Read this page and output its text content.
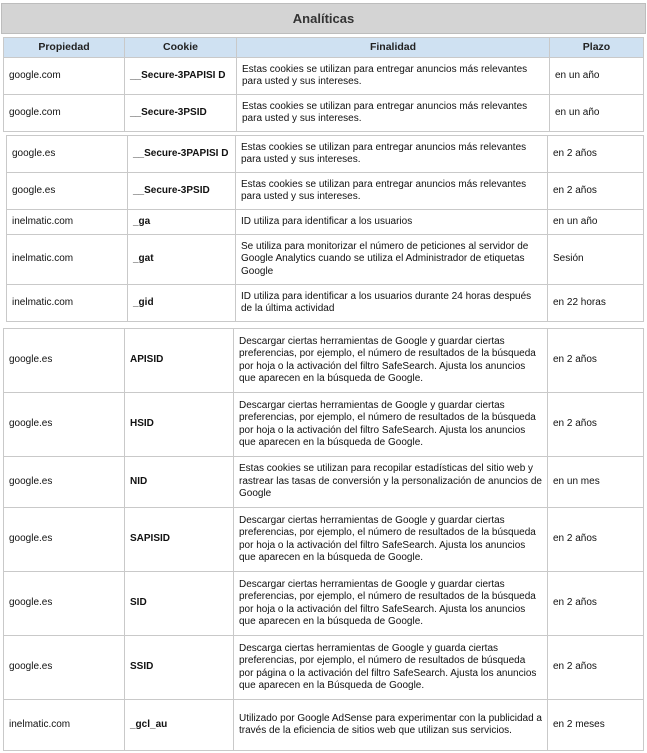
Analíticas
Propiedad	Cookie	Finalidad	Plazo
google.com	__Secure-3PAPISI D	Estas cookies se utilizan para entregar anuncios más relevantes para usted y sus intereses.	en un año
google.com	__Secure-3PSID	Estas cookies se utilizan para entregar anuncios más relevantes para usted y sus intereses.	en un año
google.es	__Secure-3PAPISI D	Estas cookies se utilizan para entregar anuncios más relevantes para usted y sus intereses.	en 2 años
google.es	__Secure-3PSID	Estas cookies se utilizan para entregar anuncios más relevantes para usted y sus intereses.	en 2 años
inelmatic.com	_ga	ID utiliza para identificar a los usuarios	en un año
inelmatic.com	_gat	Se utiliza para monitorizar el número de peticiones al servidor de Google Analytics cuando se utiliza el Administrador de etiquetas Google	Sesión
inelmatic.com	_gid	ID utiliza para identificar a los usuarios durante 24 horas después de la última actividad	en 22 horas
google.es	APISID	Descargar ciertas herramientas de Google y guardar ciertas preferencias, por ejemplo, el número de resultados de la búsqueda por hoja o la activación del filtro SafeSearch. Ajusta los anuncios que aparecen en la búsqueda de Google.	en 2 años
google.es	HSID	Descargar ciertas herramientas de Google y guardar ciertas preferencias, por ejemplo, el número de resultados de la búsqueda por hoja o la activación del filtro SafeSearch. Ajusta los anuncios que aparecen en la búsqueda de Google.	en 2 años
google.es	NID	Estas cookies se utilizan para recopilar estadísticas del sitio web y rastrear las tasas de conversión y la personalización de anuncios de Google	en un mes
google.es	SAPISID	Descargar ciertas herramientas de Google y guardar ciertas preferencias, por ejemplo, el número de resultados de la búsqueda por hoja o la activación del filtro SafeSearch. Ajusta los anuncios que aparecen en la búsqueda de Google.	en 2 años
google.es	SID	Descargar ciertas herramientas de Google y guardar ciertas preferencias, por ejemplo, el número de resultados de la búsqueda por hoja o la activación del filtro SafeSearch. Ajusta los anuncios que aparecen en la búsqueda de Google.	en 2 años
google.es	SSID	Descarga ciertas herramientas de Google y guarda ciertas preferencias, por ejemplo, el número de resultados de búsqueda por página o la activación del filtro SafeSearch. Ajusta los anuncios que aparecen en la Búsqueda de Google.	en 2 años
inelmatic.com	_gcl_au	Utilizado por Google AdSense para experimentar con la publicidad a través de la eficiencia de sitios web que utilizan sus servicios.	en 2 meses
